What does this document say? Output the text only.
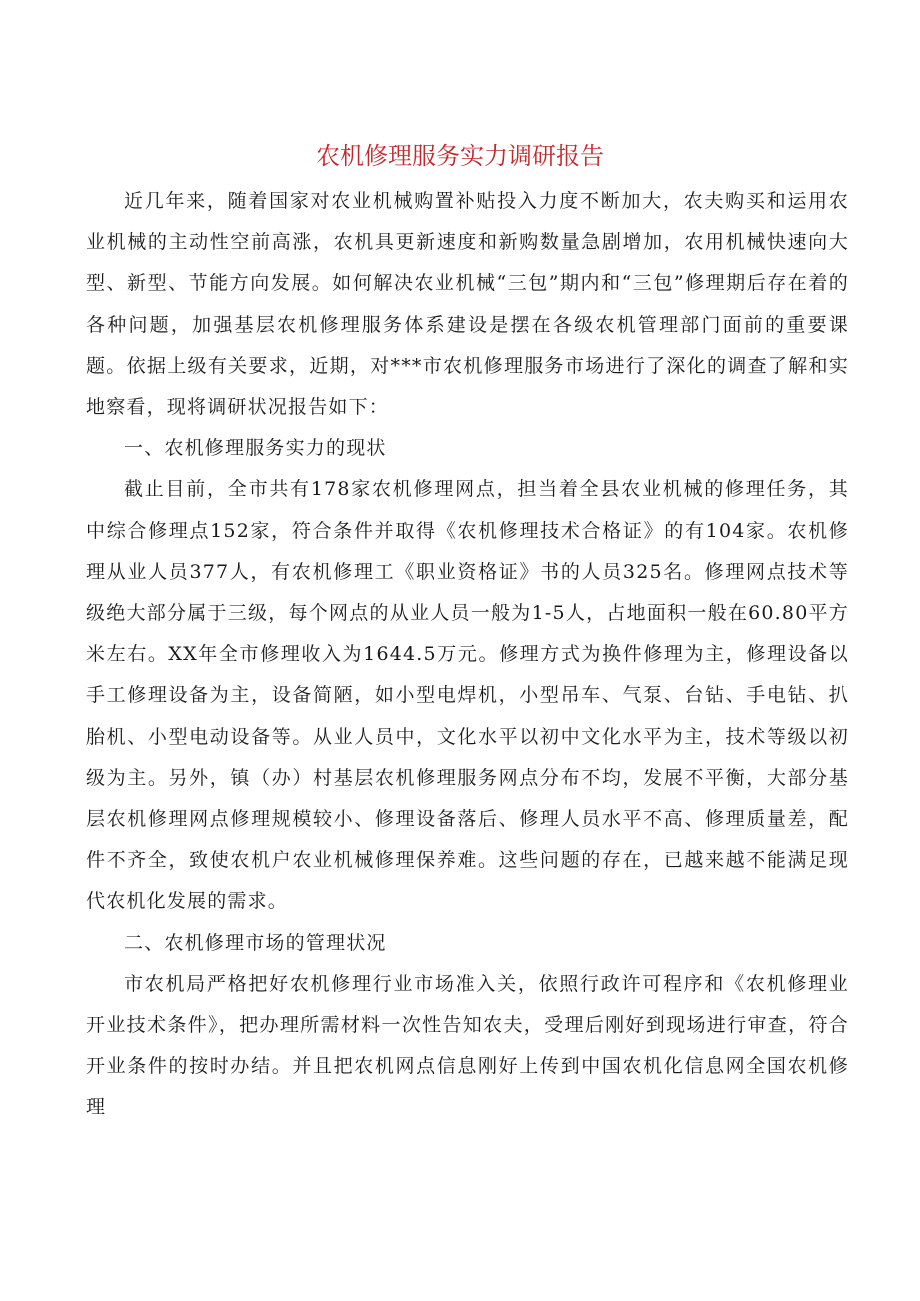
农机修理服务实力调研报告

近几年来，随着国家对农业机械购置补贴投入力度不断加大，农夫购买和运用农业机械的主动性空前高涨，农机具更新速度和新购数量急剧增加，农用机械快速向大型、新型、节能方向发展。如何解决农业机械“三包”期内和“三包”修理期后存在着的各种问题，加强基层农机修理服务体系建设是摆在各级农机管理部门面前的重要课题。依据上级有关要求，近期，对***市农机修理服务市场进行了深化的调查了解和实地察看，现将调研状况报告如下：

一、农机修理服务实力的现状

截止目前，全市共有178家农机修理网点，担当着全县农业机械的修理任务，其中综合修理点152家，符合条件并取得《农机修理技术合格证》的有104家。农机修理从业人员377人，有农机修理工《职业资格证》书的人员325名。修理网点技术等级绝大部分属于三级，每个网点的从业人员一般为1-5人，占地面积一般在60.80平方米左右。XX年全市修理收入为1644.5万元。修理方式为换件修理为主，修理设备以手工修理设备为主，设备简陋，如小型电焊机，小型吊车、气泵、台钻、手电钻、扒胎机、小型电动设备等。从业人员中，文化水平以初中文化水平为主，技术等级以初级为主。另外，镇（办）村基层农机修理服务网点分布不均，发展不平衡，大部分基层农机修理网点修理规模较小、修理设备落后、修理人员水平不高、修理质量差，配件不齐全，致使农机户农业机械修理保养难。这些问题的存在，已越来越不能满足现代农机化发展的需求。

二、农机修理市场的管理状况

市农机局严格把好农机修理行业市场准入关，依照行政许可程序和《农机修理业开业技术条件》，把办理所需材料一次性告知农夫，受理后刚好到现场进行审查，符合开业条件的按时办结。并且把农机网点信息刚好上传到中国农机化信息网全国农机修理
